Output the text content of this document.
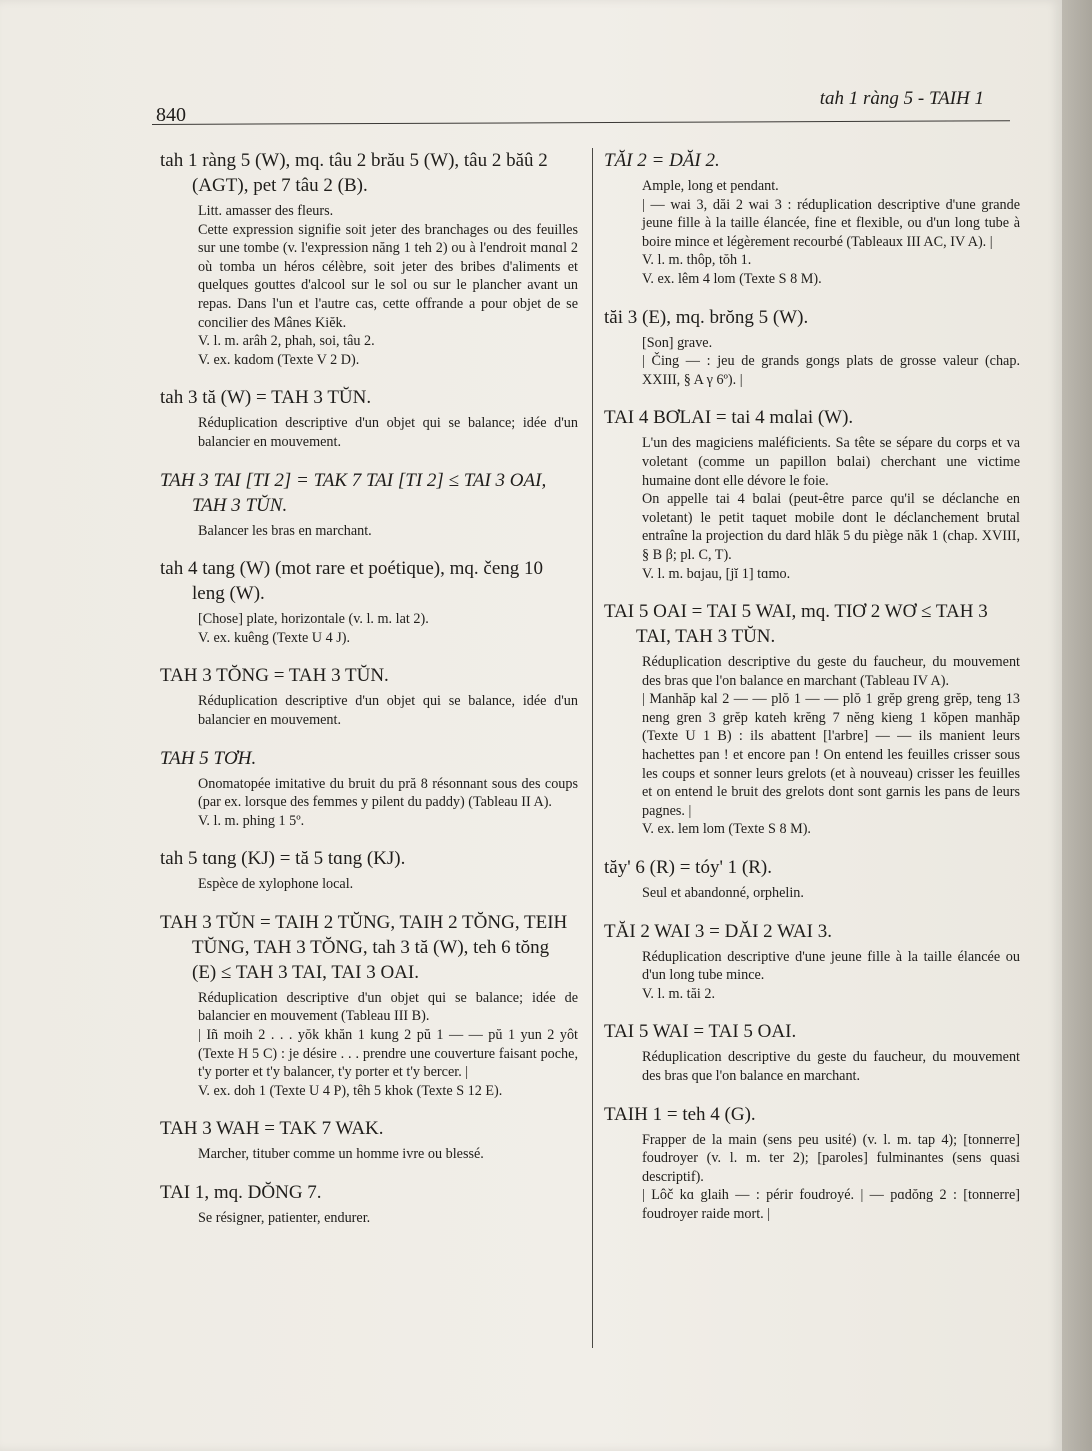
840
tah 1 ràng 5 - TAIH 1
tah 1 ràng 5 (W), mq. tâu 2 brău 5 (W), tâu 2 băû 2 (AGT), pet 7 tâu 2 (B).

Litt. amasser des fleurs.

Cette expression signifie soit jeter des branchages ou des feuilles sur une tombe (v. l'expression năng 1 teh 2) ou à l'endroit mɑnɑl 2 où tomba un héros célèbre, soit jeter des bribes d'aliments et quelques gouttes d'alcool sur le sol ou sur le plancher avant un repas. Dans l'un et l'autre cas, cette offrande a pour objet de se concilier des Mânes Kiĕk.

V. l. m. arâh 2, phah, soi, tâu 2.

V. ex. kɑdom (Texte V 2 D).

tah 3 tă (W) = TAH 3 TŬN.

Réduplication descriptive d'un objet qui se balance; idée d'un balancier en mouvement.

TAH 3 TAI [TI 2] = TAK 7 TAI [TI 2] ≤ TAI 3 OAI, TAH 3 TŬN.

Balancer les bras en marchant.

tah 4 tang (W) (mot rare et poétique), mq. čeng 10 leng (W).

[Chose] plate, horizontale (v. l. m. lat 2).

V. ex. kuêng (Texte U 4 J).

TAH 3 TŎNG = TAH 3 TŬN.

Réduplication descriptive d'un objet qui se balance, idée d'un balancier en mouvement.

TAH 5 TƠH.

Onomatopée imitative du bruit du pră 8 résonnant sous des coups (par ex. lorsque des femmes y pilent du paddy) (Tableau II A).

V. l. m. phing 1 5º.

tah 5 tɑng (KJ) = tă 5 tɑng (KJ).

Espèce de xylophone local.

TAH 3 TŬN = TAIH 2 TŬNG, TAIH 2 TŎNG, TEIH TŬNG, TAH 3 TŎNG, tah 3 tă (W), teh 6 tŏng (E) ≤ TAH 3 TAI, TAI 3 OAI.

Réduplication descriptive d'un objet qui se balance; idée de balancier en mouvement (Tableau III B).

| Iñ moih 2 . . . yŏk khăn 1 kung 2 pŭ 1 — — pŭ 1 yun 2 yôt (Texte H 5 C) : je désire . . . prendre une couverture faisant poche, t'y porter et t'y balancer, t'y porter et t'y bercer. |

V. ex. doh 1 (Texte U 4 P), têh 5 khok (Texte S 12 E).

TAH 3 WAH = TAK 7 WAK.

Marcher, tituber comme un homme ivre ou blessé.

TAI 1, mq. DŎNG 7.

Se résigner, patienter, endurer.

TĂI 2 = DĂI 2.

Ample, long et pendant.

| — wai 3, dăi 2 wai 3 : réduplication descriptive d'une grande jeune fille à la taille élancée, fine et flexible, ou d'un long tube à boire mince et légèrement recourbé (Tableaux III AC, IV A). |

V. l. m. thôp, tŏh 1.

V. ex. lêm 4 lom (Texte S 8 M).

tăi 3 (E), mq. brŏng 5 (W).

[Son] grave.

| Čing — : jeu de grands gongs plats de grosse valeur (chap. XXIII, § A γ 6º). |

TAI 4 BƠLAI = tai 4 mɑlai (W).

L'un des magiciens maléficients. Sa tête se sépare du corps et va voletant (comme un papillon bɑlai) cherchant une victime humaine dont elle dévore le foie.

On appelle tai 4 bɑlai (peut-être parce qu'il se déclanche en voletant) le petit taquet mobile dont le déclanchement brutal entraîne la projection du dard hlăk 5 du piège năk 1 (chap. XVIII, § B β; pl. C, T).

V. l. m. bɑjau, [jĭ 1] tɑmo.

TAI 5 OAI = TAI 5 WAI, mq. TIƠ 2 WƠ ≤ TAH 3 TAI, TAH 3 TŬN.

Réduplication descriptive du geste du faucheur, du mouvement des bras que l'on balance en marchant (Tableau IV A).

| Manhăp kal 2 — — plŏ 1 — — plŏ 1 grĕp greng grĕp, teng 13 neng gren 3 grĕp kɑteh krĕng 7 nĕng kieng 1 kŏpen manhăp (Texte U 1 B) : ils abattent [l'arbre] — — ils manient leurs hachettes pan ! et encore pan ! On entend les feuilles crisser sous les coups et sonner leurs grelots (et à nouveau) crisser les feuilles et on entend le bruit des grelots dont sont garnis les pans de leurs pagnes. |

V. ex. lem lom (Texte S 8 M).

tăy' 6 (R) = tóy' 1 (R).

Seul et abandonné, orphelin.

TĂI 2 WAI 3 = DĂI 2 WAI 3.

Réduplication descriptive d'une jeune fille à la taille élancée ou d'un long tube mince.

V. l. m. tăi 2.

TAI 5 WAI = TAI 5 OAI.

Réduplication descriptive du geste du faucheur, du mouvement des bras que l'on balance en marchant.

TAIH 1 = teh 4 (G).

Frapper de la main (sens peu usité) (v. l. m. tap 4); [tonnerre] foudroyer (v. l. m. ter 2); [paroles] fulminantes (sens quasi descriptif).

| Lôč kɑ glaih — : périr foudroyé. | — pɑdŏng 2 : [tonnerre] foudroyer raide mort. |
